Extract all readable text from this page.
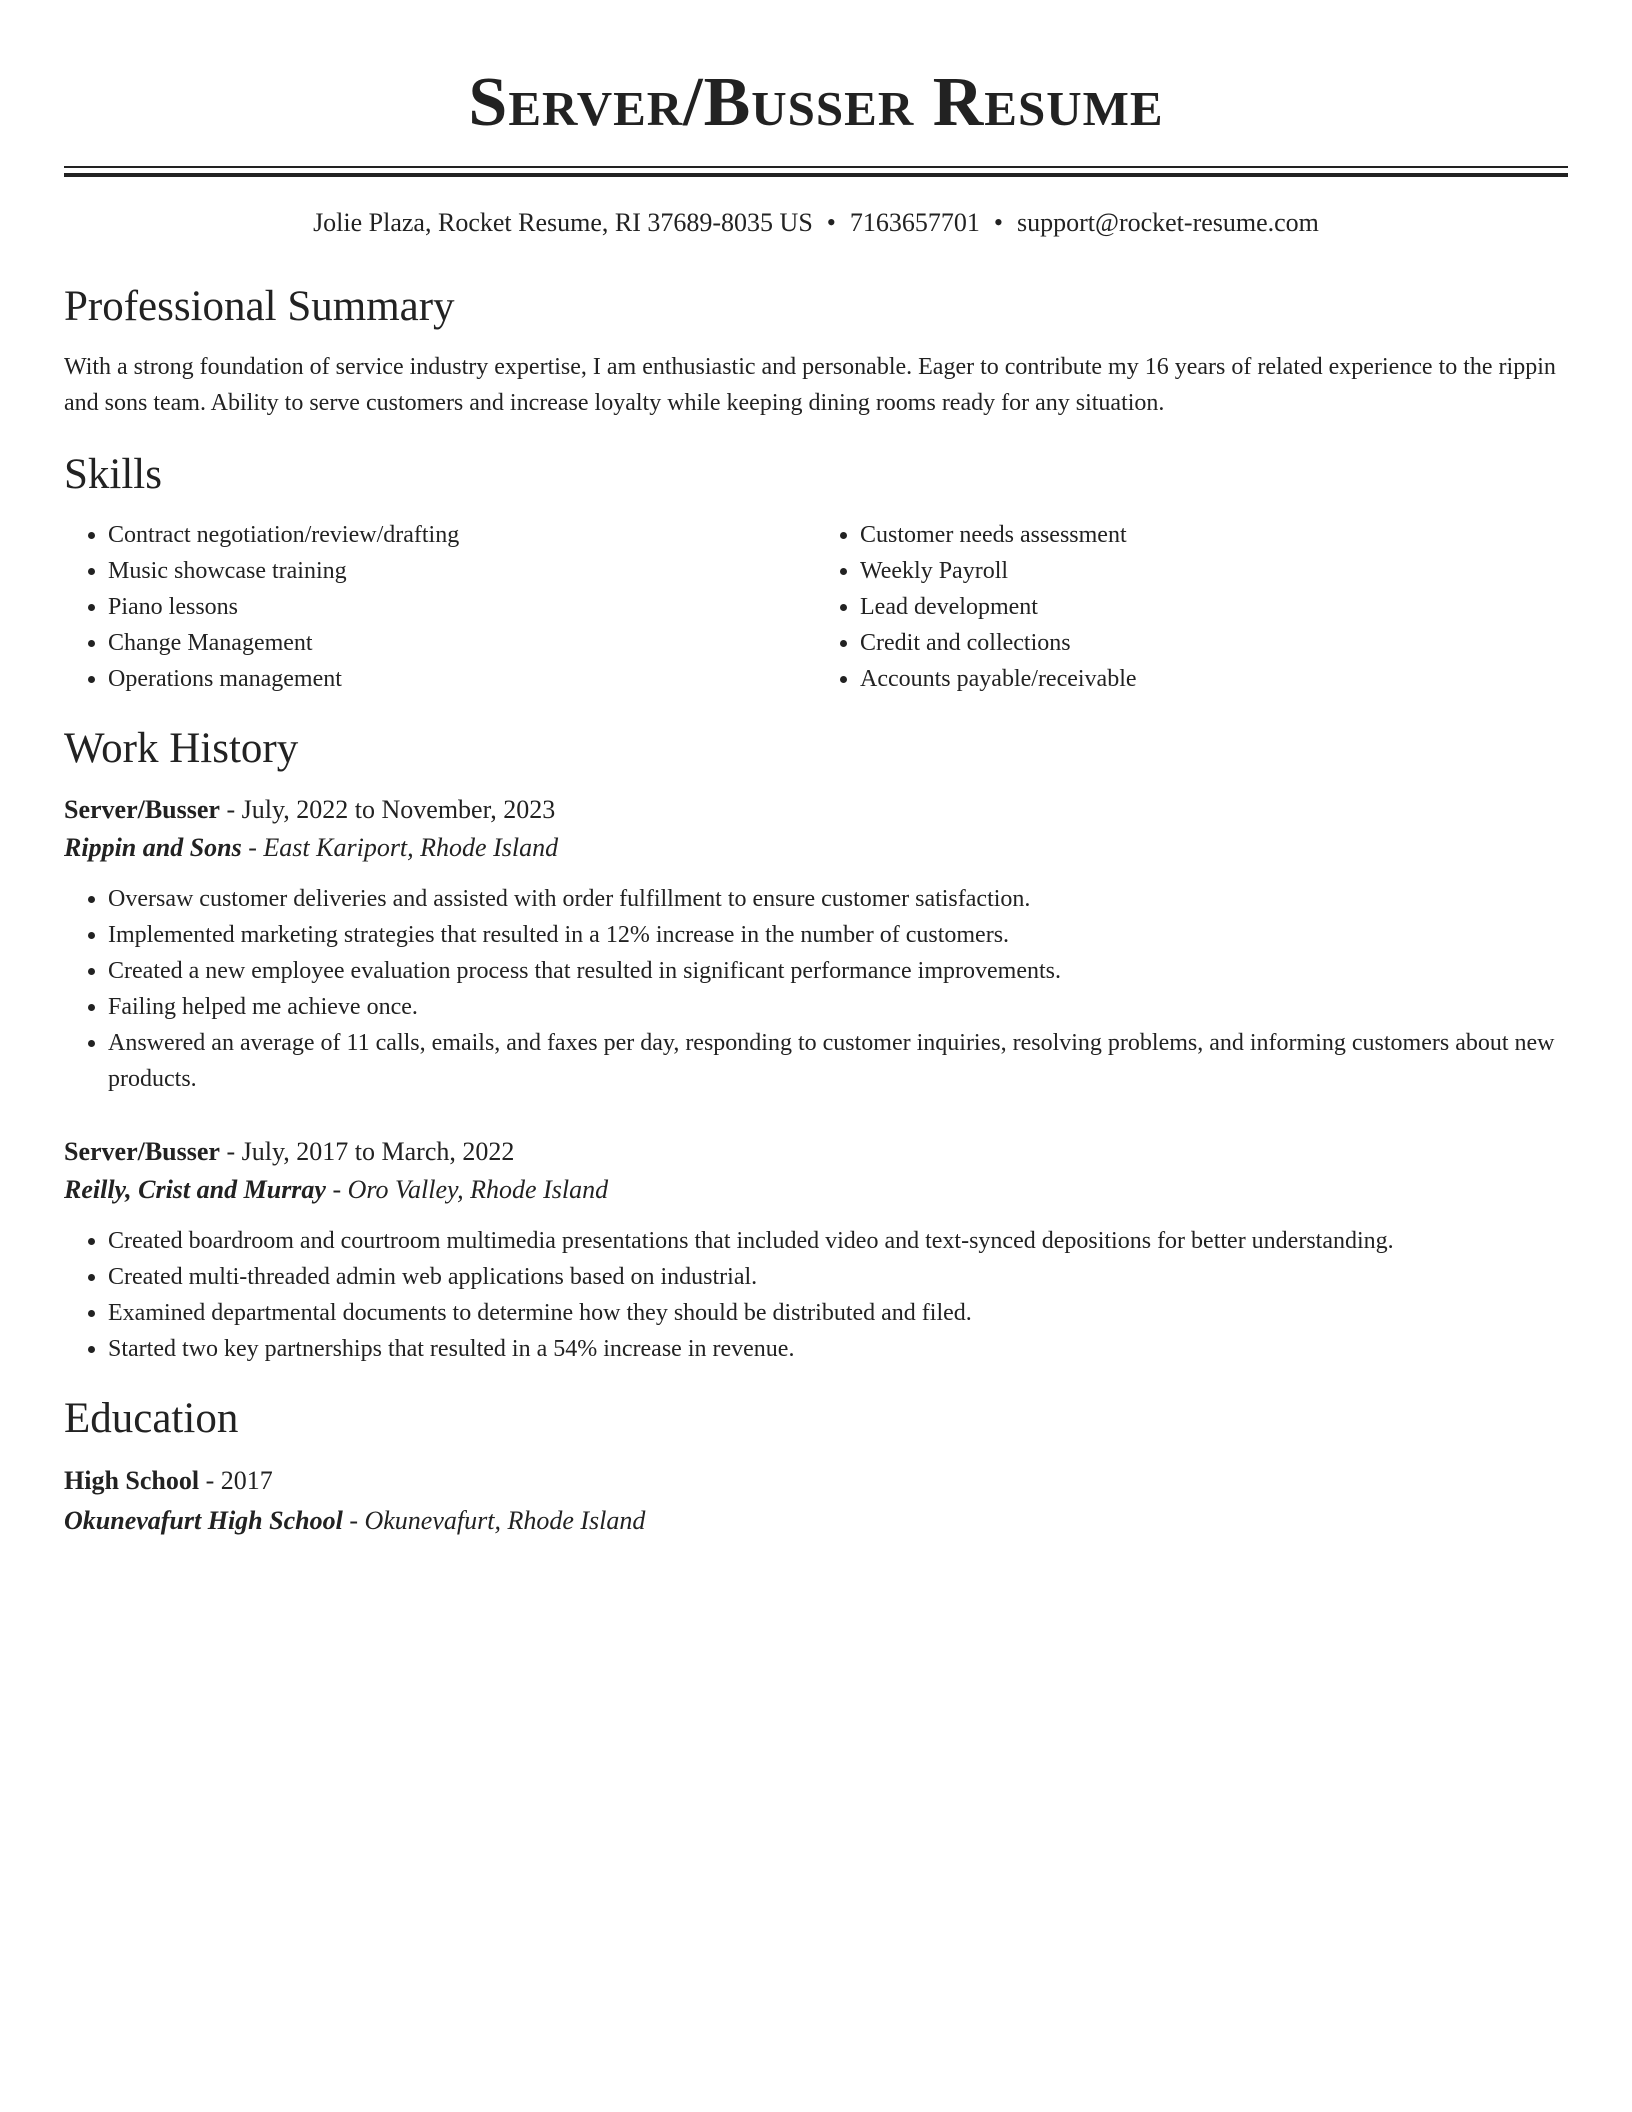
Server/Busser Resume
Jolie Plaza, Rocket Resume, RI 37689-8035 US • 7163657701 • support@rocket-resume.com
Professional Summary

With a strong foundation of service industry expertise, I am enthusiastic and personable. Eager to contribute my 16 years of related experience to the rippin and sons team. Ability to serve customers and increase loyalty while keeping dining rooms ready for any situation.

Skills
• Contract negotiation/review/drafting
• Music showcase training
• Piano lessons
• Change Management
• Operations management
• Customer needs assessment
• Weekly Payroll
• Lead development
• Credit and collections
• Accounts payable/receivable
Work History
Server/Busser - July, 2022 to November, 2023
Rippin and Sons - East Kariport, Rhode Island
• Oversaw customer deliveries and assisted with order fulfillment to ensure customer satisfaction.
• Implemented marketing strategies that resulted in a 12% increase in the number of customers.
• Created a new employee evaluation process that resulted in significant performance improvements.
• Failing helped me achieve once.
• Answered an average of 11 calls, emails, and faxes per day, responding to customer inquiries, resolving problems, and informing customers about new products.
Server/Busser - July, 2017 to March, 2022
Reilly, Crist and Murray - Oro Valley, Rhode Island
• Created boardroom and courtroom multimedia presentations that included video and text-synced depositions for better understanding.
• Created multi-threaded admin web applications based on industrial.
• Examined departmental documents to determine how they should be distributed and filed.
• Started two key partnerships that resulted in a 54% increase in revenue.
Education
High School - 2017
Okunevafurt High School - Okunevafurt, Rhode Island
